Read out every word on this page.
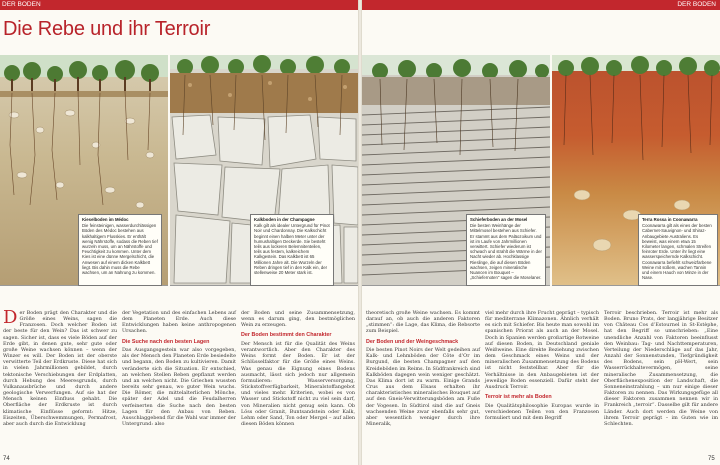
DER BODEN	DER BODEN
Die Rebe und ihr Terroir
Kieselboden im Médoc
Die feinsteinigen, wasserdurchlässigen Böden des Médoc bestehen aus kalkhaltigem Flusskies. Er enthält wenig Nährstoffe, sodass die Reben tief wurzeln muss, um an Nährstoffe und Feuchtigkeit zu kommen. Unter dem Kies ist eine dünne Mergelschicht, die Anwesen auf einem dicken Kalkbett liegt. Bis dahin muss die Rebe wachsen, um an Nahrung zu kommen.
Kalkboden in der Champagne
Kalk gilt als idealer Untergrund für Pinot Noir und Chardonnay. Die Kalkschicht beginnt einen halben Meter unter der humushaltigen Deckerde. Sie besteht teils aus lockeren Belemnitenteilen, teils aus festem, kalkreichem Kalkgestein. Das Kalkbett ist 65 Millionen Jahre alt. Die Wurzeln der Reben dringen tief in den Kalk ein, der stellenweise 20 Meter stark ist.
Schieferboden an der Mosel
Die besten Weinhänge der Mittelmosel bestehen aus Schiefer. Er stammt aus dem Paläozoikum und ist im Laufe von Jahrmillionen verwittert. Schiefer wiederum ist schwach und strahlt die Wärme in der Nacht wieder ab. Hochklassige Rieslinge, die auf diesen Böden wachsen, zeigen mineralische Nuancen im Bouquet – „Schiefernoten“ sagen die Moselaner.
Terra Rossa in Coonawarra
Coonawarra gilt als eines der besten Cabernet-Sauvignon- und Shiraz-Anbaugebiete Australiens. Es beweist, was einem etwa 15 Kilometer langen, schmalen Streifen feinroter Erde. Unter ihr liegt eine wasserspeichernde Kalkschicht. Coonawarra befiehlt schweizfarbene Weine mit süßem, wachen Tannin und einem Hauch von Minze in der Nase.

Der Boden prägt den Charakter und die Größe eines Weins, sagen die Franzosen. Doch welcher Boden ist der beste für den Wein? Das ist schwer zu sagen. Sicher ist, dass es viele Böden auf der Erde gibt, in denen gute, sehr gute oder große Weine wachsen können – wenn der Winzer es will. Der Boden ist der oberste verwitterte Teil der Erdkruste. Diese hat sich in vielen Jahrmillionen gebildet, durch tektonische Verschiebungen der Erdplatten, durch Hebung des Meeresgrunds, durch Vulkanausbrüche und durch andere geologische Verwerfungen. Auf sie hat der Mensch keinen Einfluss gehabt. Die Oberfläche der Erdkruste ist durch klimatische Einflüsse geformt: Hitze, Eiszeiten, Überschwemmungen, Permafrost, aber auch durch die Entwicklung

der Vegetation und des einfachen Lebens auf dem Planeten Erde. Auch diese Entwicklungen haben keine anthropogenen Ursachen.

Die Suche nach den besten Lagen

Das Ausgangsgestein war also vorgegeben, als der Mensch den Planeten Erde besiedelte und begann, den Boden zu kultivieren. Damit veränderte sich die Situation. Er entschied, an welchen Stellen Reben gepflanzt werden und an welchen nicht. Die Griechen wussten bereits sehr genau, wo guter Wein wuchs. Die Römer, die mittelalterlichen Mönche, später der Adel und die Feudalherren verfeinerten die Suche nach den besten Lagen für den Anbau von Reben. Ausschlaggebend für die Wahl war immer der Untergrund: also

der Boden und seine Zusammensetzung, wenn es darum ging, den bestmöglichen Wein zu erzeugen.

Der Boden bestimmt den Charakter

Der Mensch ist für die Qualität des Weins verantwortlich. Aber den Charakter des Weins formt der Boden. Er ist der Schlüsselfaktor für die Größe eines Weins. Was genau die Eignung eines Bodens ausmacht, lässt sich jedoch nur allgemein formulieren: Wasserversorgung, Stickstoffverfügbarkeit, Mineralstoffangebot und vieles mehr. Kriterien, wobei es von Wasser und Stickstoff nicht zu viel sein darf, von Mineralien nicht genug sein kann. Ob Löss oder Granit, Buntsandstein oder Kalk, Lehm oder Sand, Ton oder Mergel – auf allen diesen Böden können

theoretisch große Weine wachsen. Es kommt darauf an, ob auch die anderen Faktoren „stimmen“: die Lage, das Klima, die Rebsorte zum Beispiel.

Der Boden und der Weingeschmack

Die besten Pinot Noirs der Welt gedeihen auf Kalk- und Lehmböden der Côte d’Or im Burgund, die besten Champagner auf den Kreideböden im Reims. In Südfrankreich sind Kalkböden dagegen wein weniger geschätzt. Das Klima dort ist zu warm. Einige Grands Crus aus dem Elsass erhalten ihr charakteristisches mineralisches Bouquet auf auf den Gneis-Verwitterungsböden am Fuße der Vogesen. In Südtirol sind die auf Gneis wachsenden Weine zwar ebenfalls sehr gut, aber wesentlich weniger durch ihre Mineralik,

viel mehr durch ihre Frucht geprägt – typisch für mediterrane Klimazonen. Ähnlich verhält es sich mit Schiefer. Bis heute man sowohl im spanischen Priorat als auch an der Mosel. Doch in Spanien werden großartige Rotweine auf diesen Boden, in Deutschland geniale Weißweine. Eine direkte Beziehung zwischen dem Geschmack eines Weins und der mineralischen Zusammensetzung des Bodens ist nicht feststellbar. Aber für die Verhältnisse in den Anbaugebieten ist der jeweilige Boden essenziell. Dafür steht der Ausdruck Terroir.

Terroir ist mehr als Boden

Die Qualitätsphilosophie Europas wurde in verschiedenen Teilen von den Franzosen formuliert und mit dem Begriff

Terroir beschrieben. Terroir ist mehr als Boden. Bruno Prats, der langjährige Besitzer von Château Cos d’Estournel in St-Estèphe, hat den Begriff so umschrieben: „Eine unendliche Anzahl von Faktoren beeinflusst den Weinbau: Tag- und Nachttemperaturen, Verteilung der Niederschläge auf das Jahr, Anzahl der Sonnenstunden, Tiefgründigkeit des Bodens, sein pH-Wert, sein Wasserrückhaltevermögen, seine mineralische Zusammensetzung, die Oberflächenexposition der Landschaft, die Sonneneinstrahlung – um nur einige dieser Faktoren zu nennen. Das Wirkungsgefüge all dieser Faktoren zusammen nennen wir in Frankreich „terroir“. Dasselbe gilt für andere Länder. Auch dort werden die Weine von ihrem Terroir geprägt – im Guten wie im Schlechten.

74	75
